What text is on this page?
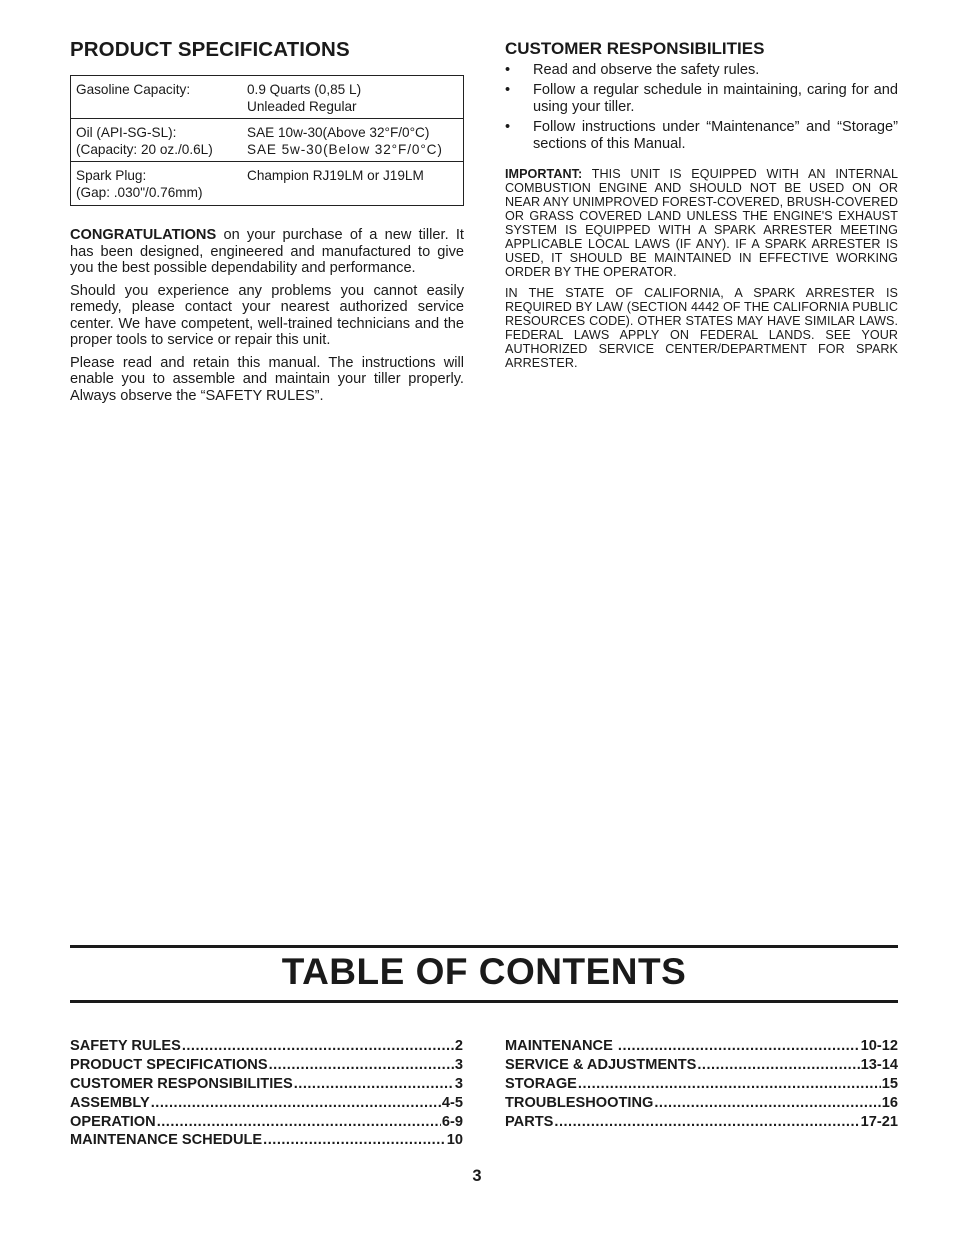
PRODUCT SPECIFICATIONS
Gasoline Capacity:	0.9 Quarts (0,85 L)
Unleaded Regular

Oil (API-SG-SL):
(Capacity: 20 oz./0.6L)	SAE 10w-30(Above 32°F/0°C)
SAE 5w-30(Below 32°F/0°C)

Spark Plug:
(Gap: .030"/0.76mm)	Champion RJ19LM or J19LM

CONGRATULATIONS on your purchase of a new tiller. It has been designed, engineered and manufactured to give you the best possible dependability and performance.

Should you experience any problems you cannot easily remedy, please contact your nearest authorized service center. We have competent, well-trained technicians and the proper tools to service or repair this unit.

Please read and retain this manual. The instructions will enable you to assemble and maintain your tiller properly. Always observe the “SAFETY RULES”.

CUSTOMER RESPONSIBILITIES
•	Read and observe the safety rules.
•	Follow a regular schedule in maintaining, caring for and using your tiller.
•	Follow instructions under “Maintenance” and “Storage” sections of this Manual.

IMPORTANT: THIS UNIT IS EQUIPPED WITH AN INTERNAL COMBUSTION ENGINE AND SHOULD NOT BE USED ON OR NEAR ANY UNIMPROVED FOREST-COVERED, BRUSH-COVERED OR GRASS COVERED LAND UNLESS THE ENGINE'S EXHAUST SYSTEM IS EQUIPPED WITH A SPARK ARRESTER MEETING APPLICABLE LOCAL LAWS (IF ANY). IF A SPARK ARRESTER IS USED, IT SHOULD BE MAINTAINED IN EFFECTIVE WORKING ORDER BY THE OPERATOR.

IN THE STATE OF CALIFORNIA, A SPARK ARRESTER IS REQUIRED BY LAW (SECTION 4442 OF THE CALIFORNIA PUBLIC RESOURCES CODE). OTHER STATES MAY HAVE SIMILAR LAWS. FEDERAL LAWS APPLY ON FEDERAL LANDS. SEE YOUR AUTHORIZED SERVICE CENTER/DEPARTMENT FOR SPARK ARRESTER.

TABLE OF CONTENTS
SAFETY RULES .....	2
PRODUCT SPECIFICATIONS .....	3
CUSTOMER RESPONSIBILITIES .....	3
ASSEMBLY .....	4-5
OPERATION .....	6-9
MAINTENANCE SCHEDULE .....	10
MAINTENANCE .....	10-12
SERVICE & ADJUSTMENTS .....	13-14
STORAGE .....	15
TROUBLESHOOTING .....	16
PARTS .....	17-21
3
